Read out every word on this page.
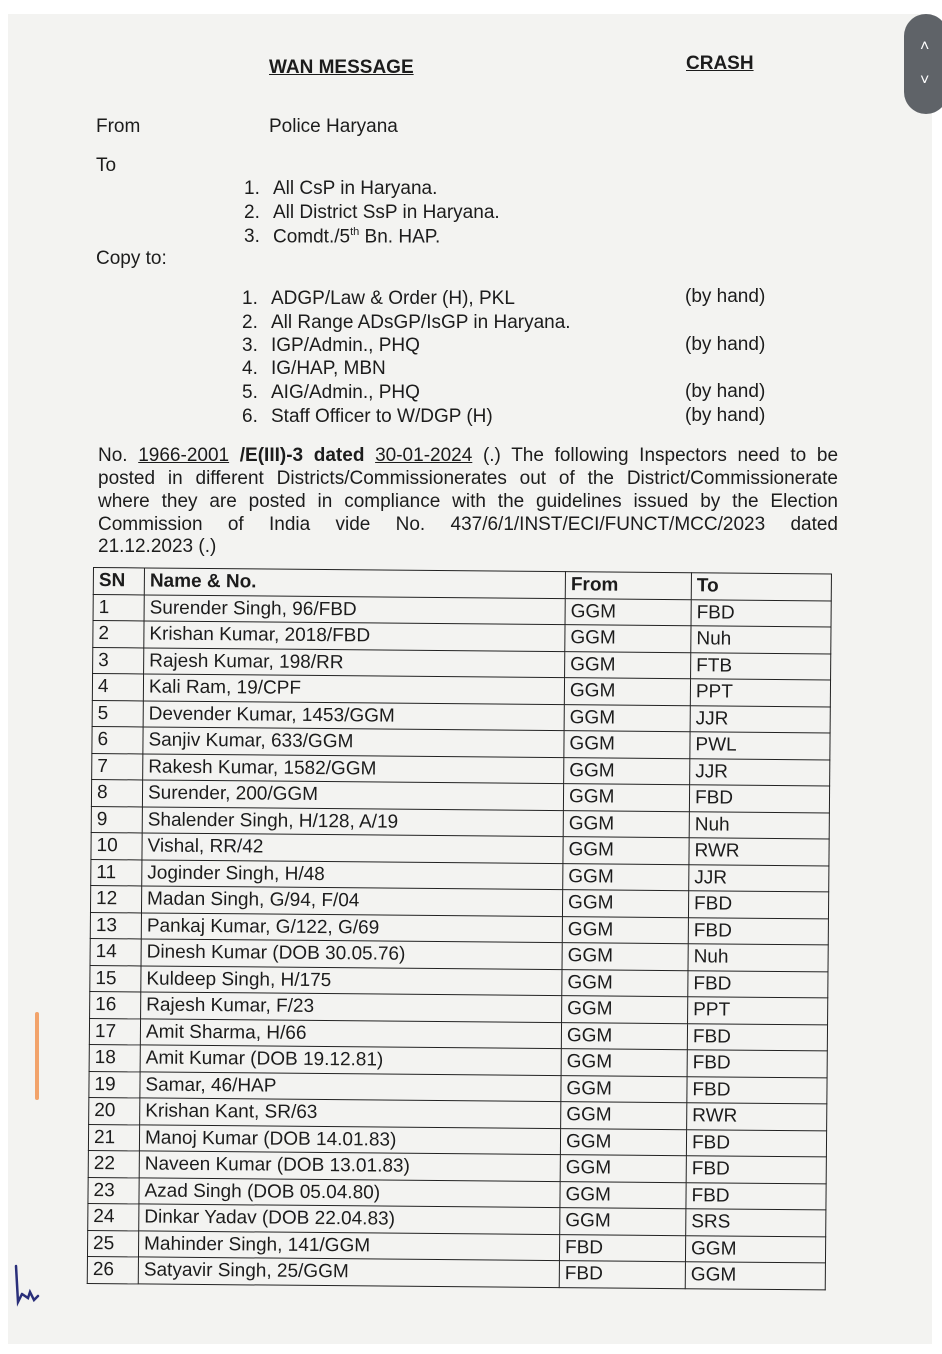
˄
˅
WAN MESSAGE	CRASH
From	Police Haryana
To
1. All CsP in Haryana.
2. All District SsP in Haryana.
3. Comdt./5th Bn. HAP.
Copy to:
1. ADGP/Law & Order (H), PKL	(by hand)
2. All Range ADsGP/IsGP in Haryana.
3. IGP/Admin., PHQ	(by hand)
4. IG/HAP, MBN
5. AIG/Admin., PHQ	(by hand)
6. Staff Officer to W/DGP (H)	(by hand)
No. 1966-2001 /E(III)-3 dated 30-01-2024 (.) The following Inspectors need to be
posted in different Districts/Commissionerates out of the District/Commissionerate
where they are posted in compliance with the guidelines issued by the Election
Commission of India vide No. 437/6/1/INST/ECI/FUNCT/MCC/2023 dated
21.12.2023 (.)
SN	Name & No.	From	To
1	Surender Singh, 96/FBD	GGM	FBD
2	Krishan Kumar, 2018/FBD	GGM	Nuh
3	Rajesh Kumar, 198/RR	GGM	FTB
4	Kali Ram, 19/CPF	GGM	PPT
5	Devender Kumar, 1453/GGM	GGM	JJR
6	Sanjiv Kumar, 633/GGM	GGM	PWL
7	Rakesh Kumar, 1582/GGM	GGM	JJR
8	Surender, 200/GGM	GGM	FBD
9	Shalender Singh, H/128, A/19	GGM	Nuh
10	Vishal, RR/42	GGM	RWR
11	Joginder Singh, H/48	GGM	JJR
12	Madan Singh, G/94, F/04	GGM	FBD
13	Pankaj Kumar, G/122, G/69	GGM	FBD
14	Dinesh Kumar (DOB 30.05.76)	GGM	Nuh
15	Kuldeep Singh, H/175	GGM	FBD
16	Rajesh Kumar, F/23	GGM	PPT
17	Amit Sharma, H/66	GGM	FBD
18	Amit Kumar (DOB 19.12.81)	GGM	FBD
19	Samar, 46/HAP	GGM	FBD
20	Krishan Kant, SR/63	GGM	RWR
21	Manoj Kumar (DOB 14.01.83)	GGM	FBD
22	Naveen Kumar (DOB 13.01.83)	GGM	FBD
23	Azad Singh (DOB 05.04.80)	GGM	FBD
24	Dinkar Yadav (DOB 22.04.83)	GGM	SRS
25	Mahinder Singh, 141/GGM	FBD	GGM
26	Satyavir Singh, 25/GGM	FBD	GGM
